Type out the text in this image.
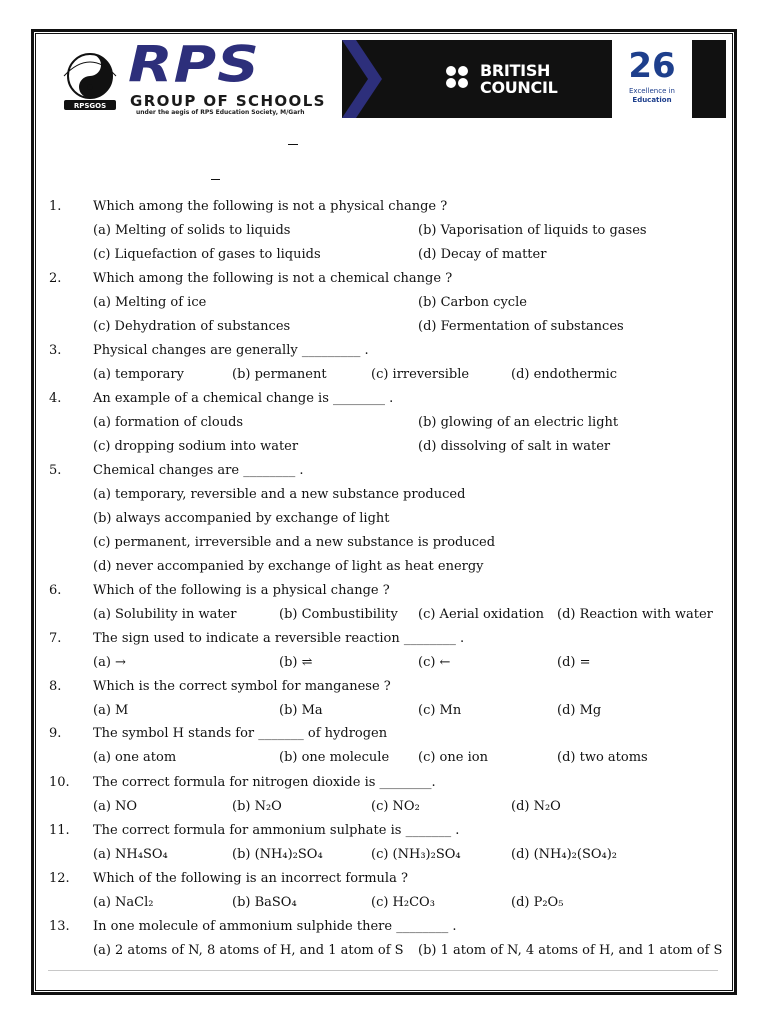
RPSGOS
RPS
GROUP OF SCHOOLS
under the aegis of RPS Education Society, M/Garh
BRITISH
COUNCIL
26
Excellence in
Education
1. Which among the following is not a physical change ?
(a) Melting of solids to liquids	(b) Vaporisation of liquids to gases
(c) Liquefaction of gases to liquids	(d) Decay of matter
2. Which among the following is not a chemical change ?
(a) Melting of ice	(b) Carbon cycle
(c) Dehydration of substances	(d) Fermentation of substances
3. Physical changes are generally _________ .
(a) temporary	(b) permanent	(c) irreversible	(d) endothermic
4. An example of a chemical change is ________ .
(a) formation of clouds	(b) glowing of an electric light
(c) dropping sodium into water	(d) dissolving of salt in water
5. Chemical changes are ________ .
(a) temporary, reversible and a new substance produced
(b) always accompanied by exchange of light
(c) permanent, irreversible and a new substance is produced
(d) never accompanied by exchange of light as heat energy
6. Which of the following is a physical change ?
(a) Solubility in water	(b) Combustibility (c) Aerial oxidation (d) Reaction with water
7. The sign used to indicate a reversible reaction ________ .
(a) →	(b) ⇌	(c) ←	(d) =
8. Which is the correct symbol for manganese ?
(a) M	(b) Ma	(c) Mn	(d) Mg
9. The symbol H stands for _______ of hydrogen
(a) one atom	(b) one molecule (c) one ion	(d) two atoms
10. The correct formula for nitrogen dioxide is ________.
(a) NO	(b) N₂O	(c) NO₂	(d) N₂O
11. The correct formula for ammonium sulphate is _______ .
(a) NH₄SO₄	(b) (NH₄)₂SO₄	(c) (NH₃)₂SO₄	(d) (NH₄)₂(SO₄)₂
12. Which of the following is an incorrect formula ?
(a) NaCl₂	(b) BaSO₄	(c) H₂CO₃	(d) P₂O₅
13. In one molecule of ammonium sulphide there ________ .
(a) 2 atoms of N, 8 atoms of H, and 1 atom of S (b) 1 atom of N, 4 atoms of H, and 1 atom of S
